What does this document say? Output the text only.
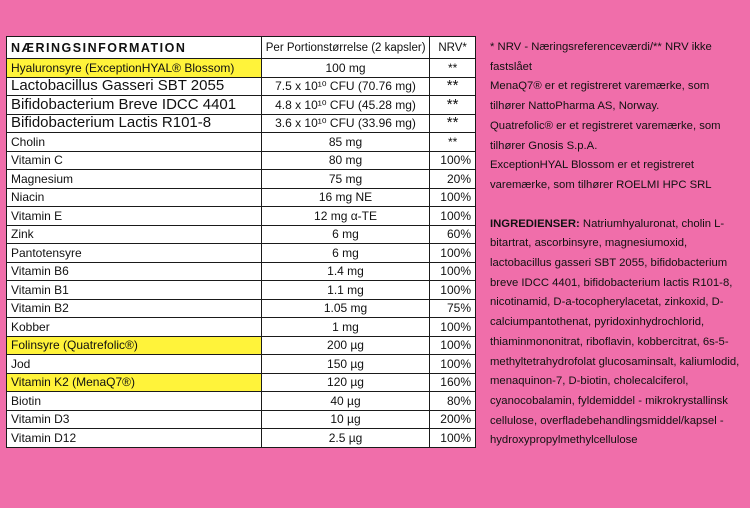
NÆRINGSINFORMATION	Per Portionstørrelse (2 kapsler)	NRV*
Hyaluronsyre (ExceptionHYAL® Blossom)	100 mg	**
Lactobacillus Gasseri SBT 2055	7.5 x 10¹⁰ CFU (70.76 mg)	**
Bifidobacterium Breve IDCC 4401	4.8 x 10¹⁰ CFU (45.28 mg)	**
Bifidobacterium Lactis R101-8	3.6 x 10¹⁰ CFU (33.96 mg)	**
Cholin	85 mg	**
Vitamin C	80 mg	100%
Magnesium	75 mg	20%
Niacin	16 mg NE	100%
Vitamin E	12 mg α-TE	100%
Zink	6 mg	60%
Pantotensyre	6 mg	100%
Vitamin B6	1.4 mg	100%
Vitamin B1	1.1 mg	100%
Vitamin B2	1.05 mg	75%
Kobber	1 mg	100%
Folinsyre (Quatrefolic®)	200 µg	100%
Jod	150 µg	100%
Vitamin K2 (MenaQ7®)	120 µg	160%
Biotin	40 µg	80%
Vitamin D3	10 µg	200%
Vitamin D12	2.5 µg	100%

* NRV - Næringsreferenceværdi/** NRV ikke fastslået

MenaQ7® er et registreret varemærke, som tilhører NattoPharma AS, Norway.

Quatrefolic® er et registreret varemærke, som tilhører Gnosis S.p.A.

ExceptionHYAL Blossom er et registreret varemærke, som tilhører ROELMI HPC SRL

INGREDIENSER: Natriumhyaluronat, cholin L-bitartrat, ascorbinsyre, magnesiumoxid, lactobacillus gasseri SBT 2055, bifidobacterium breve IDCC 4401, bifidobacterium lactis R101-8, nicotinamid, D-a-tocopherylacetat, zinkoxid, D-calciumpantothenat, pyridoxinhydrochlorid, thiaminmononitrat, riboflavin, kobbercitrat, 6s-5-methyltetrahydrofolat glucosaminsalt, kaliumlodid, menaquinon-7, D-biotin, cholecalciferol, cyanocobalamin, fyldemiddel - mikrokrystallinsk cellulose, overfladebehandlingsmiddel/kapsel -hydroxypropylmethylcellulose
